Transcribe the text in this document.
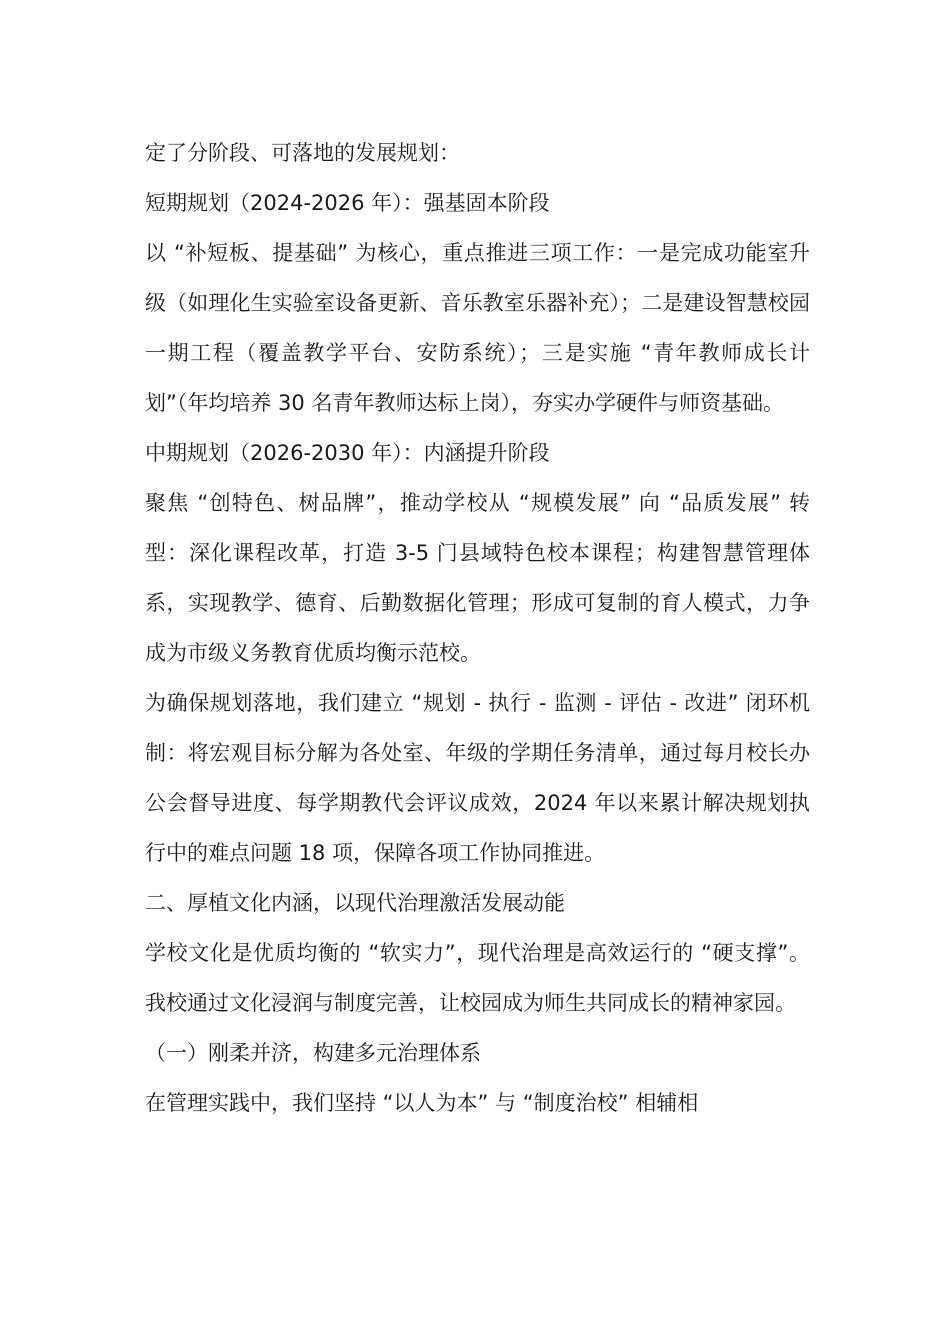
定了分阶段、可落地的发展规划：

短期规划（2024-2026 年）：强基固本阶段

以 “补短板、提基础” 为核心，重点推进三项工作：一是完成功能室升级（如理化生实验室设备更新、音乐教室乐器补充）；二是建设智慧校园一期工程（覆盖教学平台、安防系统）；三是实施 “青年教师成长计划”（年均培养 30 名青年教师达标上岗），夯实办学硬件与师资基础。

中期规划（2026-2030 年）：内涵提升阶段

聚焦 “创特色、树品牌”，推动学校从 “规模发展” 向 “品质发展” 转型：深化课程改革，打造 3-5 门县域特色校本课程；构建智慧管理体系，实现教学、德育、后勤数据化管理；形成可复制的育人模式，力争成为市级义务教育优质均衡示范校。

为确保规划落地，我们建立 “规划 - 执行 - 监测 - 评估 - 改进” 闭环机制：将宏观目标分解为各处室、年级的学期任务清单，通过每月校长办公会督导进度、每学期教代会评议成效，2024 年以来累计解决规划执行中的难点问题 18 项，保障各项工作协同推进。

二、厚植文化内涵，以现代治理激活发展动能

学校文化是优质均衡的 “软实力”，现代治理是高效运行的 “硬支撑”。我校通过文化浸润与制度完善，让校园成为师生共同成长的精神家园。

（一）刚柔并济，构建多元治理体系

在管理实践中，我们坚持 “以人为本” 与 “制度治校” 相辅相
